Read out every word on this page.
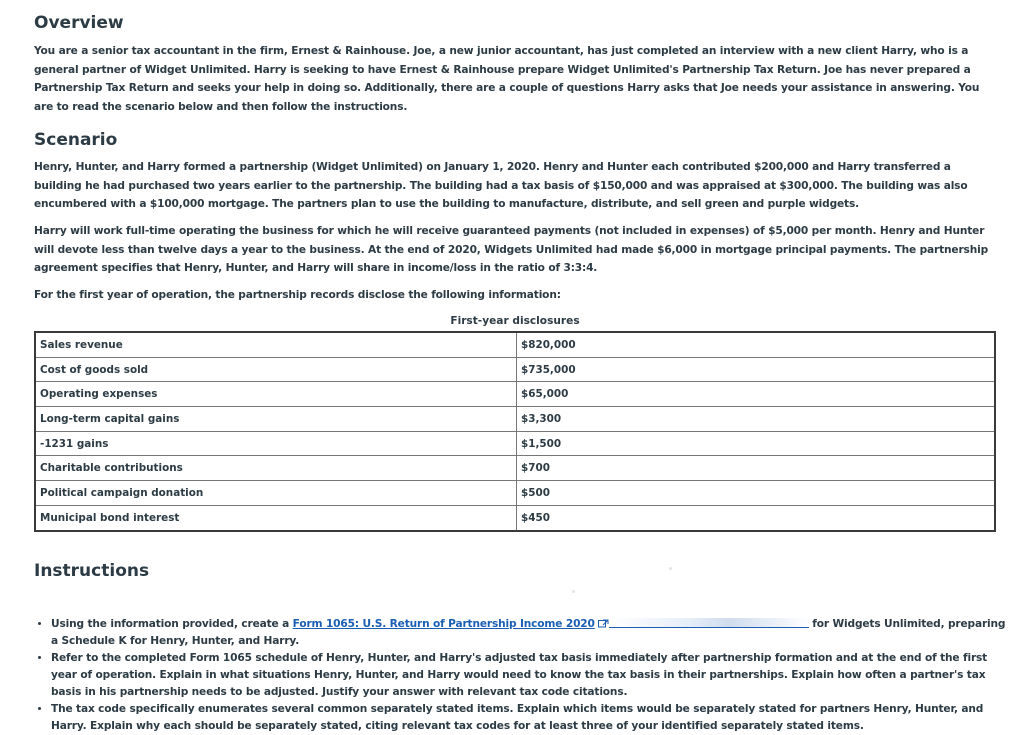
Overview

You are a senior tax accountant in the firm, Ernest & Rainhouse. Joe, a new junior accountant, has just completed an interview with a new client Harry, who is a general partner of Widget Unlimited. Harry is seeking to have Ernest & Rainhouse prepare Widget Unlimited's Partnership Tax Return. Joe has never prepared a Partnership Tax Return and seeks your help in doing so. Additionally, there are a couple of questions Harry asks that Joe needs your assistance in answering. You are to read the scenario below and then follow the instructions.

Scenario

Henry, Hunter, and Harry formed a partnership (Widget Unlimited) on January 1, 2020. Henry and Hunter each contributed $200,000 and Harry transferred a building he had purchased two years earlier to the partnership. The building had a tax basis of $150,000 and was appraised at $300,000. The building was also encumbered with a $100,000 mortgage. The partners plan to use the building to manufacture, distribute, and sell green and purple widgets.

Harry will work full-time operating the business for which he will receive guaranteed payments (not included in expenses) of $5,000 per month. Henry and Hunter will devote less than twelve days a year to the business. At the end of 2020, Widgets Unlimited had made $6,000 in mortgage principal payments. The partnership agreement specifies that Henry, Hunter, and Harry will share in income/loss in the ratio of 3:3:4.

For the first year of operation, the partnership records disclose the following information:

First-year disclosures
Sales revenue	$820,000
Cost of goods sold	$735,000
Operating expenses	$65,000
Long-term capital gains	$3,300
-1231 gains	$1,500
Charitable contributions	$700
Political campaign donation	$500
Municipal bond interest	$450
Instructions
• Using the information provided, create a Form 1065: U.S. Return of Partnership Income 2020	for Widgets Unlimited, preparing a Schedule K for Henry, Hunter, and Harry.
• Refer to the completed Form 1065 schedule of Henry, Hunter, and Harry's adjusted tax basis immediately after partnership formation and at the end of the first year of operation. Explain in what situations Henry, Hunter, and Harry would need to know the tax basis in their partnerships. Explain how often a partner's tax basis in his partnership needs to be adjusted. Justify your answer with relevant tax code citations.
• The tax code specifically enumerates several common separately stated items. Explain which items would be separately stated for partners Henry, Hunter, and Harry. Explain why each should be separately stated, citing relevant tax codes for at least three of your identified separately stated items.
